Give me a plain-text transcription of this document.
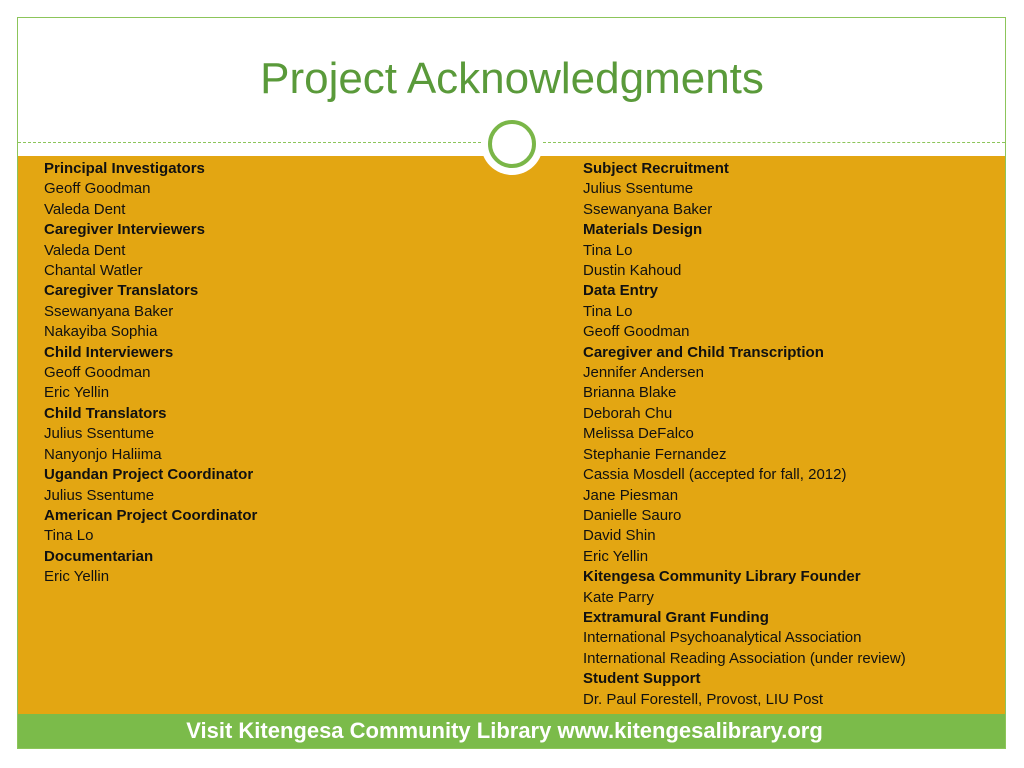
Project Acknowledgments
Principal Investigators
Geoff Goodman
Valeda Dent
Caregiver Interviewers
Valeda Dent
Chantal Watler
Caregiver Translators
Ssewanyana Baker
Nakayiba Sophia
Child Interviewers
Geoff Goodman
Eric Yellin
Child Translators
Julius Ssentume
Nanyonjo Haliima
Ugandan Project Coordinator
Julius Ssentume
American Project Coordinator
Tina Lo
Documentarian
Eric Yellin
Subject Recruitment
Julius Ssentume
Ssewanyana Baker
Materials Design
Tina Lo
Dustin Kahoud
Data Entry
Tina Lo
Geoff Goodman
Caregiver and Child Transcription
Jennifer Andersen
Brianna Blake
Deborah Chu
Melissa DeFalco
Stephanie Fernandez
Cassia Mosdell (accepted for fall, 2012)
Jane Piesman
Danielle Sauro
David Shin
Eric Yellin
Kitengesa Community Library Founder
Kate Parry
Extramural Grant Funding
International Psychoanalytical Association
International Reading Association (under review)
Student Support
Dr. Paul Forestell, Provost, LIU Post
Visit Kitengesa Community Library www.kitengesalibrary.org
